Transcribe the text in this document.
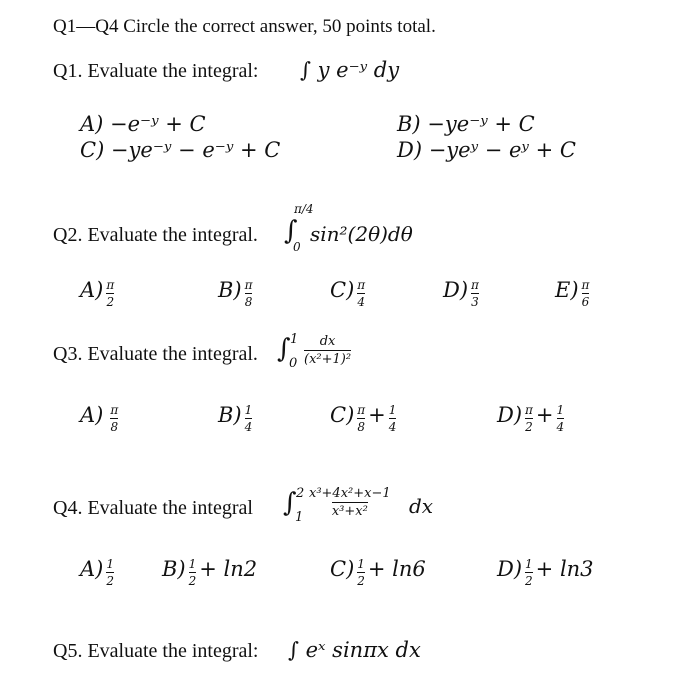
Q1—Q4 Circle the correct answer, 50 points total.
Q1. Evaluate the integral: ∫ y e⁻ʸ dy
A) −e⁻ʸ + C	B) −ye⁻ʸ + C
C) −ye⁻ʸ − e⁻ʸ + C	D) −yeʸ − eʸ + C
Q2. Evaluate the integral. ∫
π/4
0
sin²(2θ)dθ
$A) \frac{\pi}{2}$	$B) \frac{\pi}{8}$	$C) \frac{\pi}{4}$	$D) \frac{\pi}{3}$	$E) \frac{\pi}{6}$
Q3. Evaluate the integral. ∫ 1
0
dx
(x²+1)²
$A) \frac{\pi}{8}$	$B) \frac{1}{4}$	$C) \frac{\pi}{8} + \frac{1}{4}$	$D) \frac{\pi}{2} + \frac{1}{4}$
Q4. Evaluate the integral ∫ 2
1
x³+4x²+x−1
x³+x² dx
$A) \frac{1}{2} B) \frac{1}{2} + \ln 2$	$C) \frac{1}{2} + \ln 6$	$D) \frac{1}{2} + \ln 3$
Q5. Evaluate the integral: ∫ eˣ sinπx dx
